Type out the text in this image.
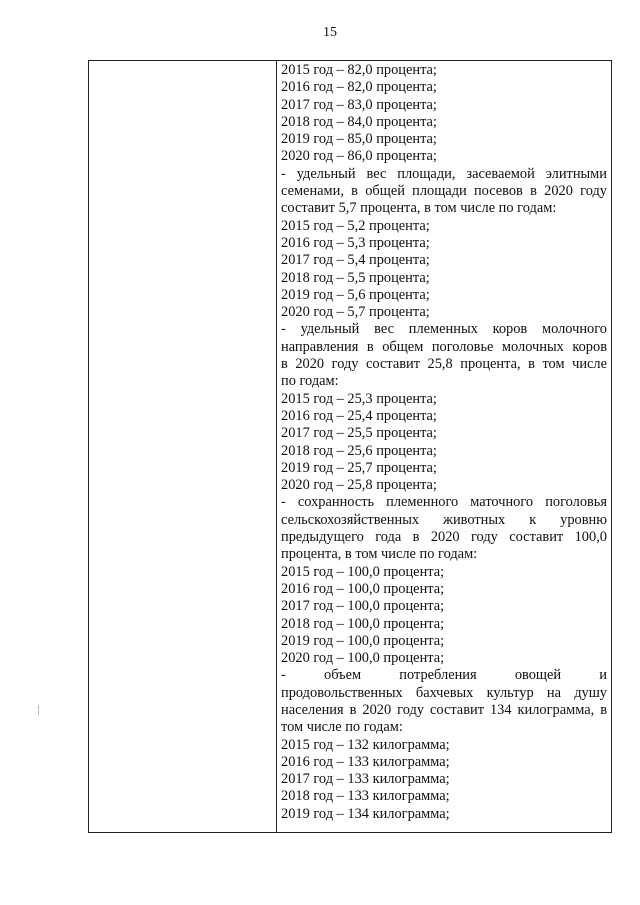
15
2015 год – 82,0 процента;
2016 год – 82,0 процента;
2017 год – 83,0 процента;
2018 год – 84,0 процента;
2019 год – 85,0 процента;
2020 год – 86,0 процента;
- удельный вес площади, засеваемой элитными
семенами, в общей площади посевов в 2020 году
составит 5,7 процента, в том числе по годам:
2015 год – 5,2 процента;
2016 год – 5,3 процента;
2017 год – 5,4 процента;
2018 год – 5,5 процента;
2019 год – 5,6 процента;
2020 год – 5,7 процента;
- удельный вес племенных коров молочного
направления в общем поголовье молочных коров
в 2020 году составит 25,8 процента, в том числе
по годам:
2015 год – 25,3 процента;
2016 год – 25,4 процента;
2017 год – 25,5 процента;
2018 год – 25,6 процента;
2019 год – 25,7 процента;
2020 год – 25,8 процента;
- сохранность племенного маточного поголовья
сельскохозяйственных животных к уровню
предыдущего года в 2020 году составит 100,0
процента, в том числе по годам:
2015 год – 100,0 процента;
2016 год – 100,0 процента;
2017 год – 100,0 процента;
2018 год – 100,0 процента;
2019 год – 100,0 процента;
2020 год – 100,0 процента;
- объем потребления овощей и
продовольственных бахчевых культур на душу
населения в 2020 году составит 134 килограмма, в
том числе по годам:
2015 год – 132 килограмма;
2016 год – 133 килограмма;
2017 год – 133 килограмма;
2018 год – 133 килограмма;
2019 год – 134 килограмма;
